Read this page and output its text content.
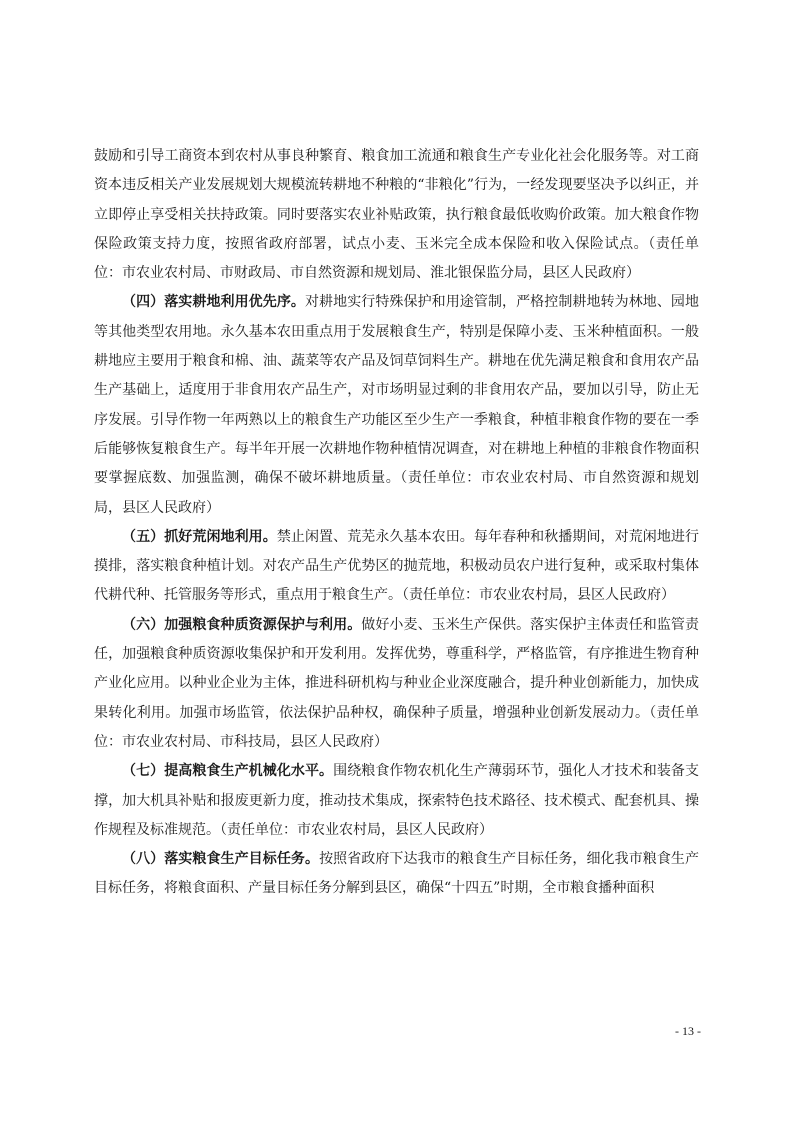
鼓励和引导工商资本到农村从事良种繁育、粮食加工流通和粮食生产专业化社会化服务等。对工商资本违反相关产业发展规划大规模流转耕地不种粮的“非粮化”行为，一经发现要坚决予以纠正，并立即停止享受相关扶持政策。同时要落实农业补贴政策，执行粮食最低收购价政策。加大粮食作物保险政策支持力度，按照省政府部署，试点小麦、玉米完全成本保险和收入保险试点。（责任单位：市农业农村局、市财政局、市自然资源和规划局、淮北银保监分局，县区人民政府）

（四）落实耕地利用优先序。对耕地实行特殊保护和用途管制，严格控制耕地转为林地、园地等其他类型农用地。永久基本农田重点用于发展粮食生产，特别是保障小麦、玉米种植面积。一般耕地应主要用于粮食和棉、油、蔬菜等农产品及饲草饲料生产。耕地在优先满足粮食和食用农产品生产基础上，适度用于非食用农产品生产，对市场明显过剩的非食用农产品，要加以引导，防止无序发展。引导作物一年两熟以上的粮食生产功能区至少生产一季粮食，种植非粮食作物的要在一季后能够恢复粮食生产。每半年开展一次耕地作物种植情况调查，对在耕地上种植的非粮食作物面积要掌握底数、加强监测，确保不破坏耕地质量。（责任单位：市农业农村局、市自然资源和规划局，县区人民政府）

（五）抓好荒闲地利用。禁止闲置、荒芜永久基本农田。每年春种和秋播期间，对荒闲地进行摸排，落实粮食种植计划。对农产品生产优势区的抛荒地，积极动员农户进行复种，或采取村集体代耕代种、托管服务等形式，重点用于粮食生产。（责任单位：市农业农村局，县区人民政府）

（六）加强粮食种质资源保护与利用。做好小麦、玉米生产保供。落实保护主体责任和监管责任，加强粮食种质资源收集保护和开发利用。发挥优势，尊重科学，严格监管，有序推进生物育种产业化应用。以种业企业为主体，推进科研机构与种业企业深度融合，提升种业创新能力，加快成果转化利用。加强市场监管，依法保护品种权，确保种子质量，增强种业创新发展动力。（责任单位：市农业农村局、市科技局，县区人民政府）

（七）提高粮食生产机械化水平。围绕粮食作物农机化生产薄弱环节，强化人才技术和装备支撑，加大机具补贴和报废更新力度，推动技术集成，探索特色技术路径、技术模式、配套机具、操作规程及标准规范。（责任单位：市农业农村局，县区人民政府）

（八）落实粮食生产目标任务。按照省政府下达我市的粮食生产目标任务，细化我市粮食生产目标任务，将粮食面积、产量目标任务分解到县区，确保“十四五”时期，全市粮食播种面积

- 13 -
